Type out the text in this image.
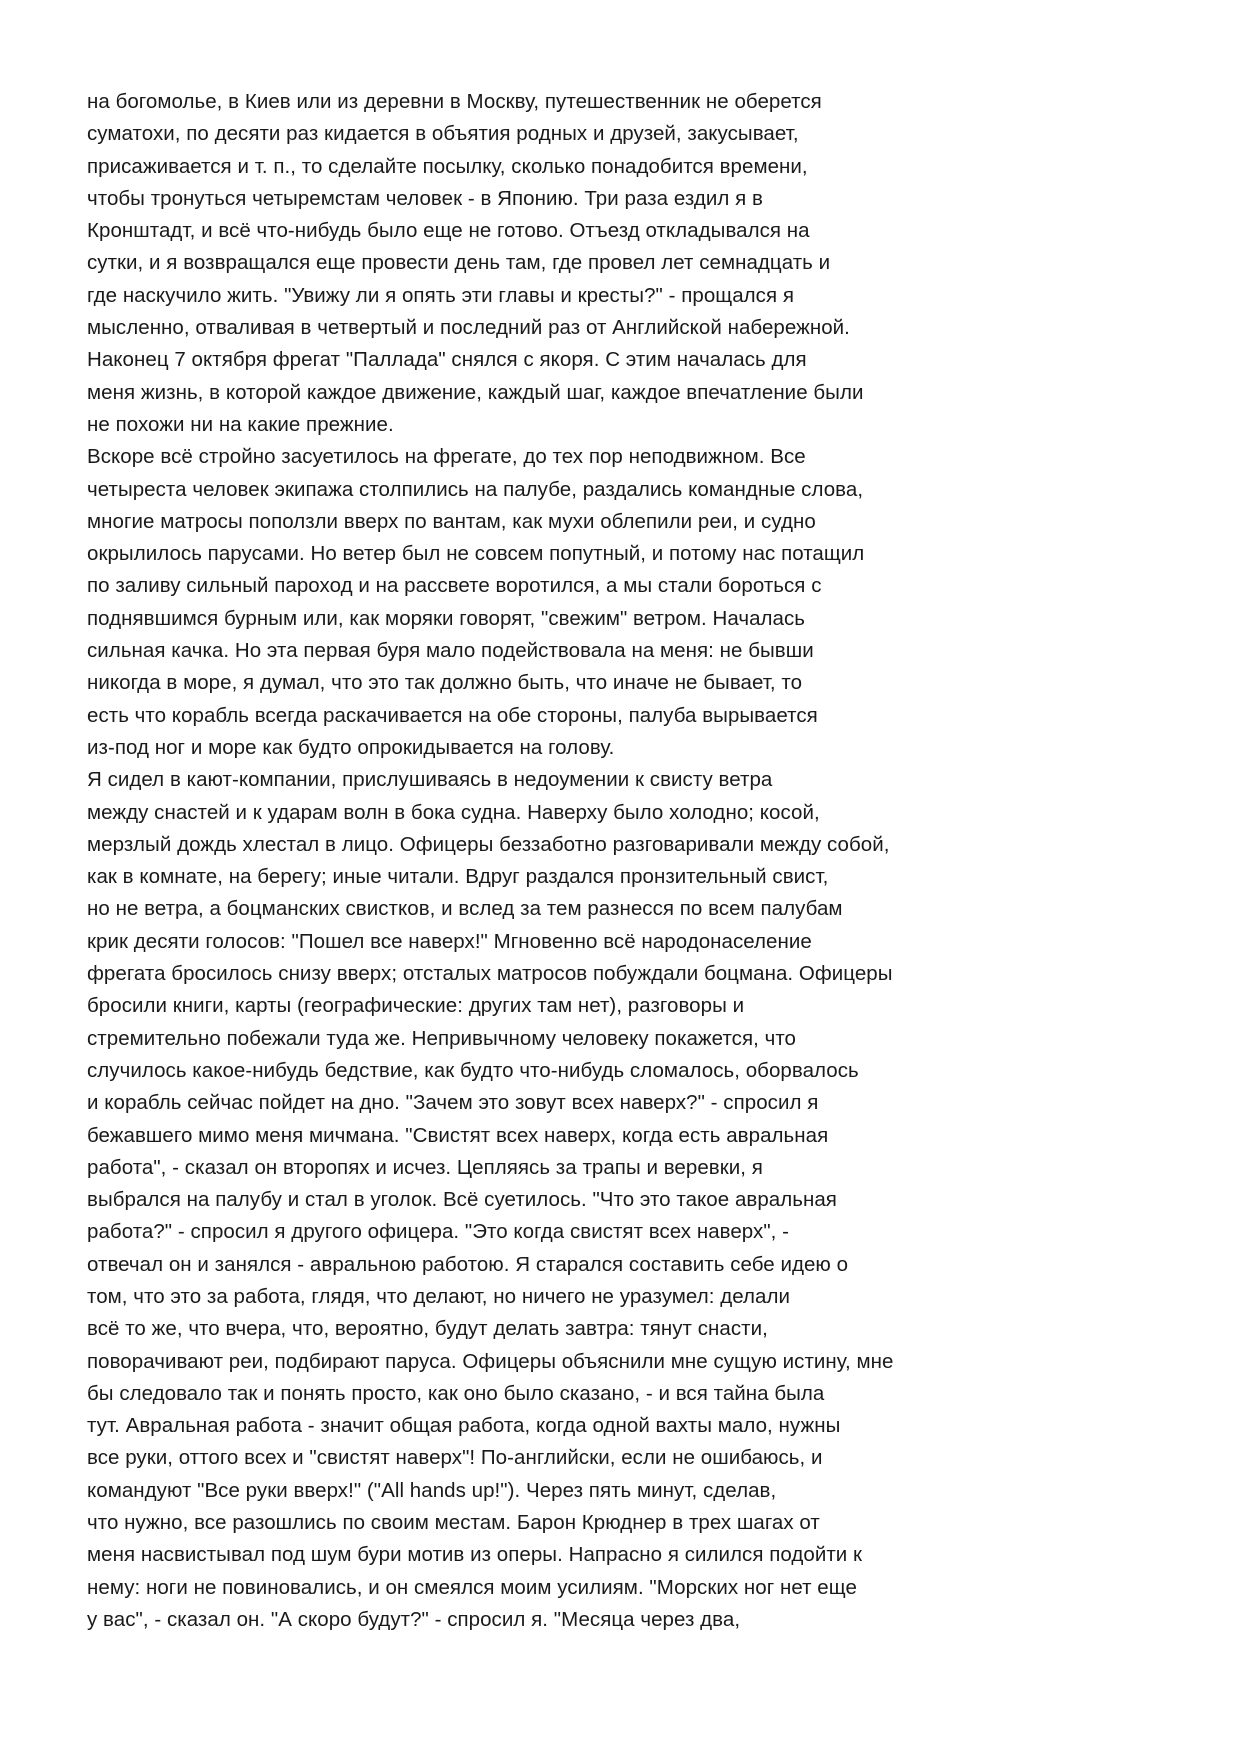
на богомолье, в Киев или из деревни в Москву, путешественник не оберется
суматохи, по десяти раз кидается в объятия родных и друзей, закусывает,
присаживается и т. п., то сделайте посылку, сколько понадобится времени,
чтобы тронуться четыремстам человек - в Японию. Три раза ездил я в
Кронштадт, и всё что-нибудь было еще не готово. Отъезд откладывался на
сутки, и я возвращался еще провести день там, где провел лет семнадцать и
где наскучило жить. "Увижу ли я опять эти главы и кресты?" - прощался я
мысленно, отваливая в четвертый и последний раз от Английской набережной.
Наконец 7 октября фрегат "Паллада" снялся с якоря. С этим началась для
меня жизнь, в которой каждое движение, каждый шаг, каждое впечатление были
не похожи ни на какие прежние.
Вскоре всё стройно засуетилось на фрегате, до тех пор неподвижном. Все
четыреста человек экипажа столпились на палубе, раздались командные слова,
многие матросы поползли вверх по вантам, как мухи облепили реи, и судно
окрылилось парусами. Но ветер был не совсем попутный, и потому нас потащил
по заливу сильный пароход и на рассвете воротился, а мы стали бороться с
поднявшимся бурным или, как моряки говорят, "свежим" ветром. Началась
сильная качка. Но эта первая буря мало подействовала на меня: не бывши
никогда в море, я думал, что это так должно быть, что иначе не бывает, то
есть что корабль всегда раскачивается на обе стороны, палуба вырывается
из-под ног и море как будто опрокидывается на голову.
Я сидел в кают-компании, прислушиваясь в недоумении к свисту ветра
между снастей и к ударам волн в бока судна. Наверху было холодно; косой,
мерзлый дождь хлестал в лицо. Офицеры беззаботно разговаривали между собой,
как в комнате, на берегу; иные читали. Вдруг раздался пронзительный свист,
но не ветра, а боцманских свистков, и вслед за тем разнесся по всем палубам
крик десяти голосов: "Пошел все наверх!" Мгновенно всё народонаселение
фрегата бросилось снизу вверх; отсталых матросов побуждали боцмана. Офицеры
бросили книги, карты (географические: других там нет), разговоры и
стремительно побежали туда же. Непривычному человеку покажется, что
случилось какое-нибудь бедствие, как будто что-нибудь сломалось, оборвалось
и корабль сейчас пойдет на дно. "Зачем это зовут всех наверх?" - спросил я
бежавшего мимо меня мичмана. "Свистят всех наверх, когда есть авральная
работа", - сказал он второпях и исчез. Цепляясь за трапы и веревки, я
выбрался на палубу и стал в уголок. Всё суетилось. "Что это такое авральная
работа?" - спросил я другого офицера. "Это когда свистят всех наверх", -
отвечал он и занялся - авральною работою. Я старался составить себе идею о
том, что это за работа, глядя, что делают, но ничего не уразумел: делали
всё то же, что вчера, что, вероятно, будут делать завтра: тянут снасти,
поворачивают реи, подбирают паруса. Офицеры объяснили мне сущую истину, мне
бы следовало так и понять просто, как оно было сказано, - и вся тайна была
тут. Авральная работа - значит общая работа, когда одной вахты мало, нужны
все руки, оттого всех и "свистят наверх"! По-английски, если не ошибаюсь, и
командуют "Все руки вверх!" ("All hands up!"). Через пять минут, сделав,
что нужно, все разошлись по своим местам. Барон Крюднер в трех шагах от
меня насвистывал под шум бури мотив из оперы. Напрасно я силился подойти к
нему: ноги не повиновались, и он смеялся моим усилиям. "Морских ног нет еще
у вас", - сказал он. "А скоро будут?" - спросил я. "Месяца через два,
